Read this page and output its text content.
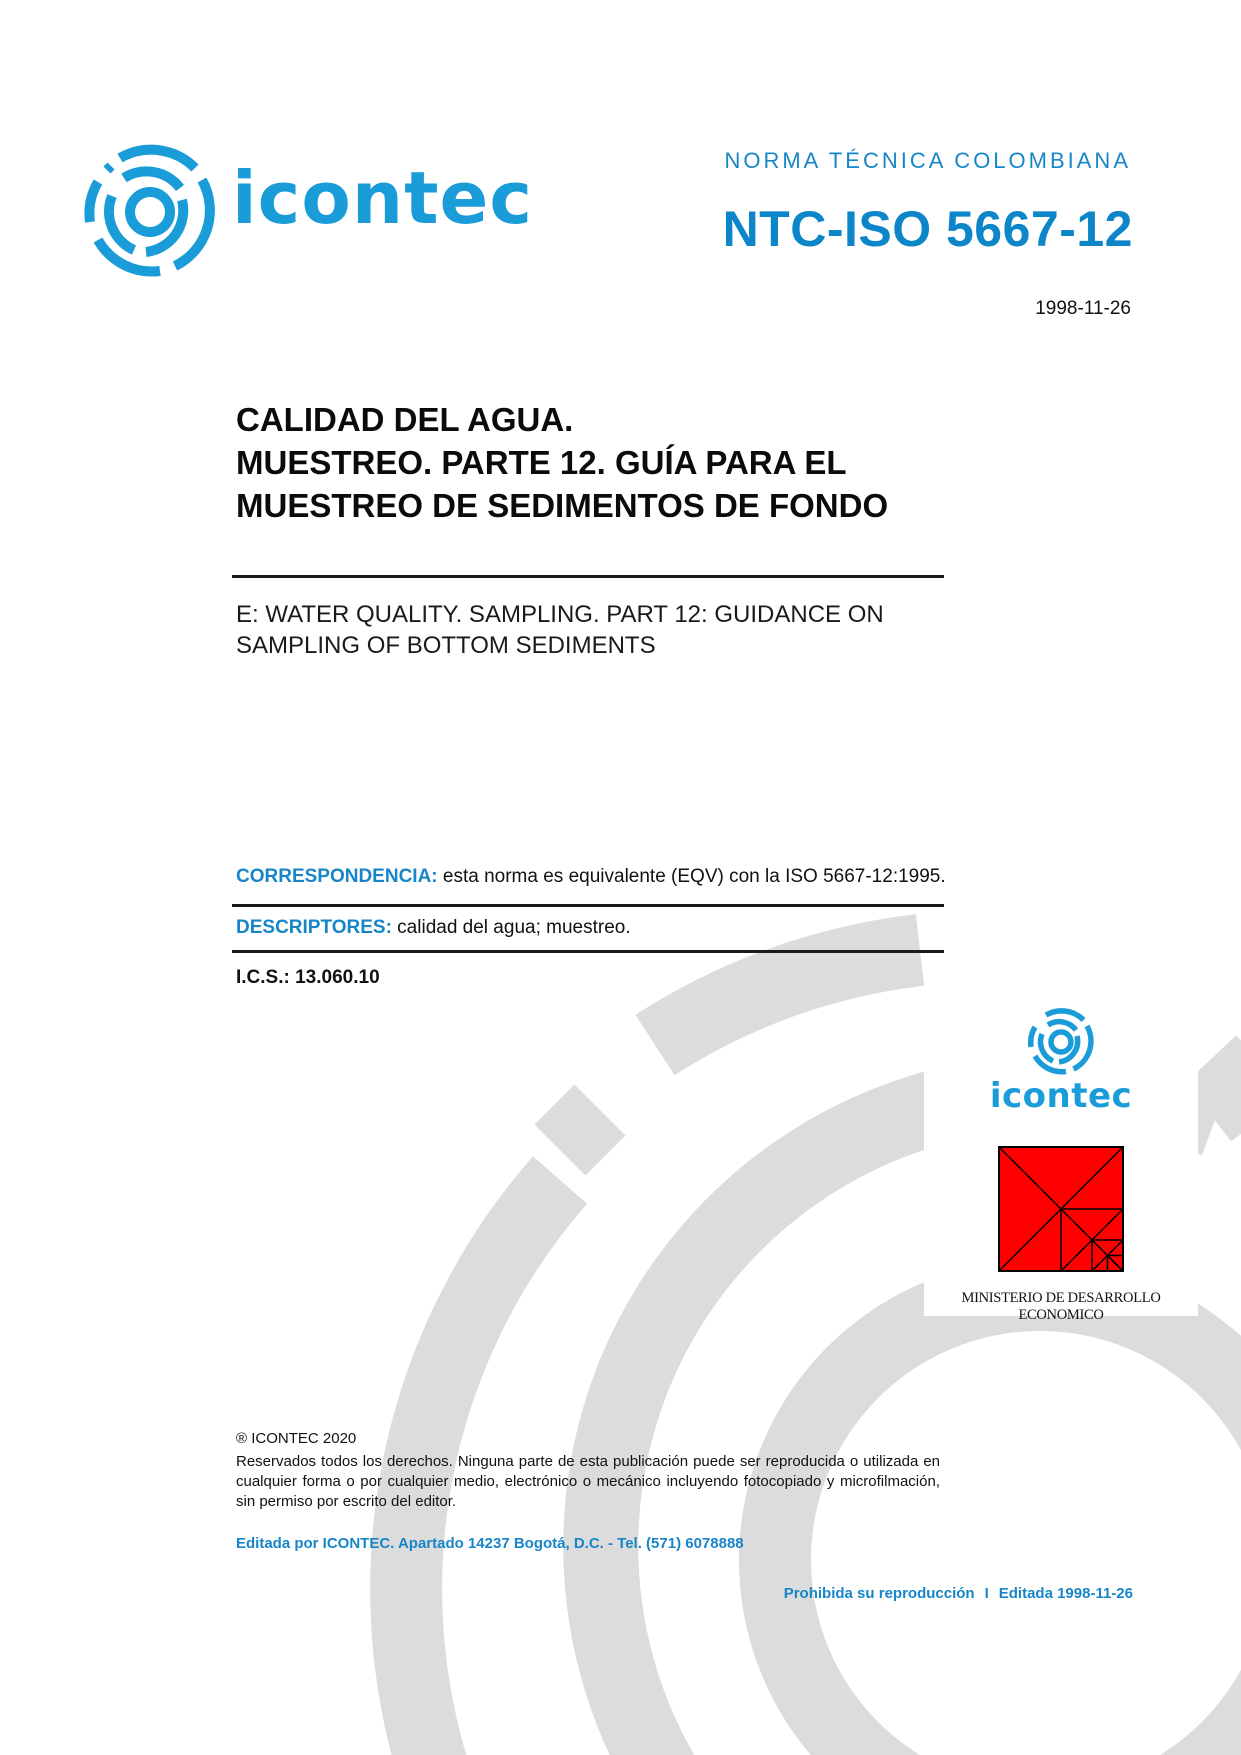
icontec	NORMA TÉCNICA COLOMBIANA
NTC-ISO 5667-12
1998-11-26
CALIDAD DEL AGUA.
MUESTREO. PARTE 12. GUÍA PARA EL
MUESTREO DE SEDIMENTOS DE FONDO
E: WATER QUALITY. SAMPLING. PART 12: GUIDANCE ON
SAMPLING OF BOTTOM SEDIMENTS
CORRESPONDENCIA: esta norma es equivalente (EQV) con la ISO 5667-12:1995.
DESCRIPTORES: calidad del agua; muestreo.
I.C.S.: 13.060.10
icontec
MINISTERIO DE DESARROLLO ECONOMICO
® ICONTEC 2020
Reservados todos los derechos. Ninguna parte de esta publicación puede ser reproducida o utilizada en cualquier forma o por cualquier medio, electrónico o mecánico incluyendo fotocopiado y microfilmación, sin permiso por escrito del editor.
Editada por ICONTEC. Apartado 14237 Bogotá, D.C. - Tel. (571) 6078888
Prohibida su reproducción I Editada 1998-11-26
